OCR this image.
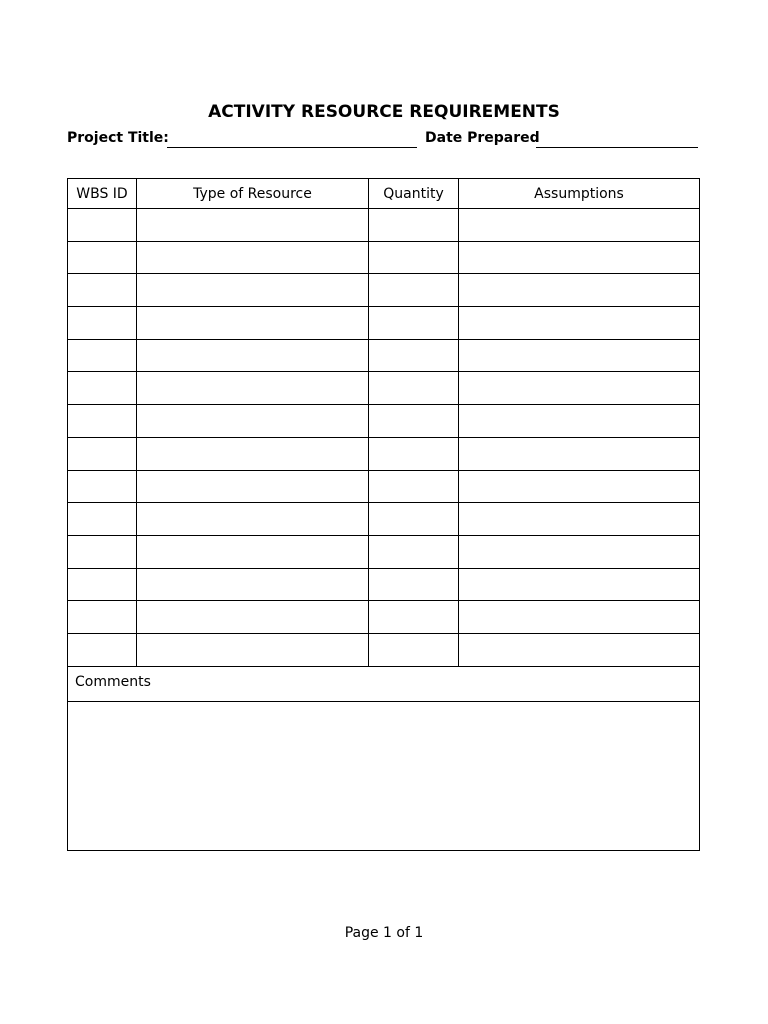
ACTIVITY RESOURCE REQUIREMENTS
Project Title:	Date Prepared
WBS ID	Type of Resource	Quantity	Assumptions

Comments			

Page 1 of 1
